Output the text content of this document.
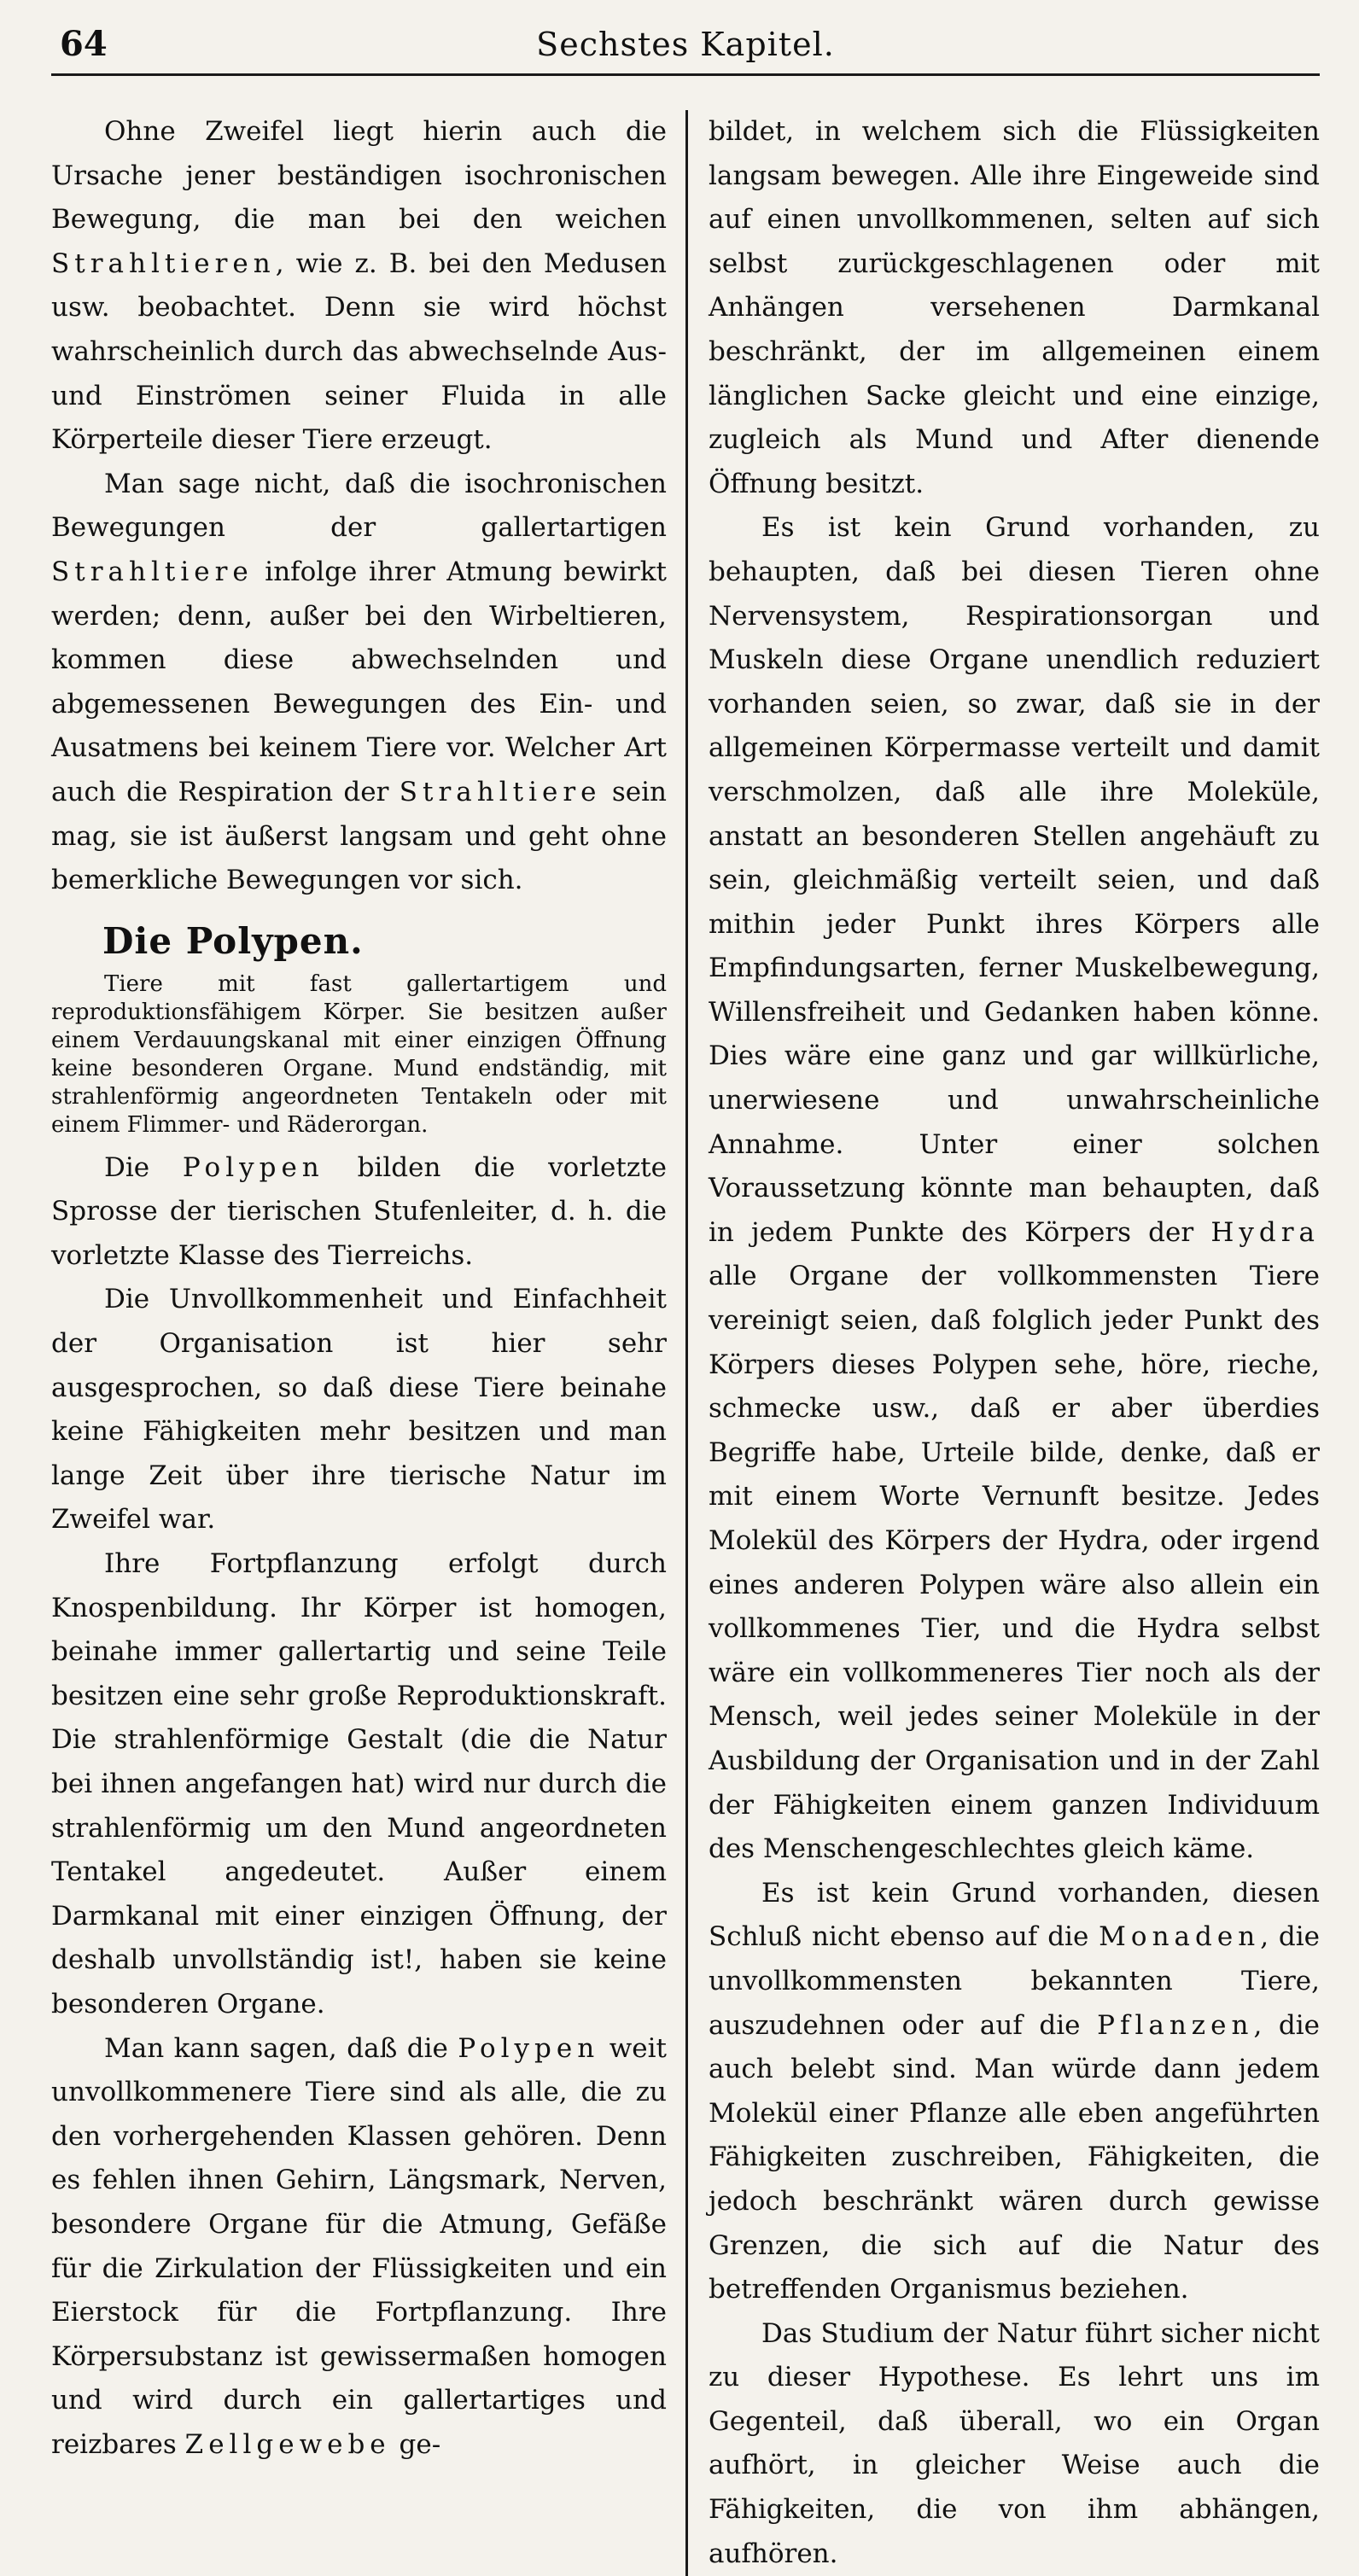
64	Sechstes Kapitel.

Ohne Zweifel liegt hierin auch die Ursache jener beständigen isochronischen Bewegung, die man bei den weichen Strahltieren, wie z. B. bei den Medusen usw. beobachtet. Denn sie wird höchst wahrscheinlich durch das abwechselnde Aus- und Einströmen seiner Fluida in alle Körperteile dieser Tiere erzeugt.

Man sage nicht, daß die isochronischen Bewegungen der gallertartigen Strahltiere infolge ihrer Atmung bewirkt werden; denn, außer bei den Wirbeltieren, kommen diese abwechselnden und abgemessenen Bewegungen des Ein- und Ausatmens bei keinem Tiere vor. Welcher Art auch die Respiration der Strahltiere sein mag, sie ist äußerst langsam und geht ohne bemerkliche Bewegungen vor sich.

Die Polypen.

Tiere mit fast gallertartigem und reproduktionsfähigem Körper. Sie besitzen außer einem Verdauungskanal mit einer einzigen Öffnung keine besonderen Organe. Mund endständig, mit strahlenförmig angeordneten Tentakeln oder mit einem Flimmer- und Räderorgan.

Die Polypen bilden die vorletzte Sprosse der tierischen Stufenleiter, d. h. die vorletzte Klasse des Tierreichs.

Die Unvollkommenheit und Einfachheit der Organisation ist hier sehr ausgesprochen, so daß diese Tiere beinahe keine Fähigkeiten mehr besitzen und man lange Zeit über ihre tierische Natur im Zweifel war.

Ihre Fortpflanzung erfolgt durch Knospenbildung. Ihr Körper ist homogen, beinahe immer gallertartig und seine Teile besitzen eine sehr große Reproduktionskraft. Die strahlenförmige Gestalt (die die Natur bei ihnen angefangen hat) wird nur durch die strahlenförmig um den Mund angeordneten Tentakel angedeutet. Außer einem Darmkanal mit einer einzigen Öffnung, der deshalb unvollständig ist!, haben sie keine besonderen Organe.

Man kann sagen, daß die Polypen weit unvollkommenere Tiere sind als alle, die zu den vorhergehenden Klassen gehören. Denn es fehlen ihnen Gehirn, Längsmark, Nerven, besondere Organe für die Atmung, Gefäße für die Zirkulation der Flüssigkeiten und ein Eierstock für die Fortpflanzung. Ihre Körpersubstanz ist gewissermaßen homogen und wird durch ein gallertartiges und reizbares Zellgewebe ge-

bildet, in welchem sich die Flüssigkeiten langsam bewegen. Alle ihre Eingeweide sind auf einen unvollkommenen, selten auf sich selbst zurückgeschlagenen oder mit Anhängen versehenen Darmkanal beschränkt, der im allgemeinen einem länglichen Sacke gleicht und eine einzige, zugleich als Mund und After dienende Öffnung besitzt.

Es ist kein Grund vorhanden, zu behaupten, daß bei diesen Tieren ohne Nervensystem, Respirationsorgan und Muskeln diese Organe unendlich reduziert vorhanden seien, so zwar, daß sie in der allgemeinen Körpermasse verteilt und damit verschmolzen, daß alle ihre Moleküle, anstatt an besonderen Stellen angehäuft zu sein, gleichmäßig verteilt seien, und daß mithin jeder Punkt ihres Körpers alle Empfindungsarten, ferner Muskelbewegung, Willensfreiheit und Gedanken haben könne. Dies wäre eine ganz und gar willkürliche, unerwiesene und unwahrscheinliche Annahme. Unter einer solchen Voraussetzung könnte man behaupten, daß in jedem Punkte des Körpers der Hydra alle Organe der vollkommensten Tiere vereinigt seien, daß folglich jeder Punkt des Körpers dieses Polypen sehe, höre, rieche, schmecke usw., daß er aber überdies Begriffe habe, Urteile bilde, denke, daß er mit einem Worte Vernunft besitze. Jedes Molekül des Körpers der Hydra, oder irgend eines anderen Polypen wäre also allein ein vollkommenes Tier, und die Hydra selbst wäre ein vollkommeneres Tier noch als der Mensch, weil jedes seiner Moleküle in der Ausbildung der Organisation und in der Zahl der Fähigkeiten einem ganzen Individuum des Menschengeschlechtes gleich käme.

Es ist kein Grund vorhanden, diesen Schluß nicht ebenso auf die Monaden, die unvollkommensten bekannten Tiere, auszudehnen oder auf die Pflanzen, die auch belebt sind. Man würde dann jedem Molekül einer Pflanze alle eben angeführten Fähigkeiten zuschreiben, Fähigkeiten, die jedoch beschränkt wären durch gewisse Grenzen, die sich auf die Natur des betreffenden Organismus beziehen.

Das Studium der Natur führt sicher nicht zu dieser Hypothese. Es lehrt uns im Gegenteil, daß überall, wo ein Organ aufhört, in gleicher Weise auch die Fähigkeiten, die von ihm abhängen, aufhören.
